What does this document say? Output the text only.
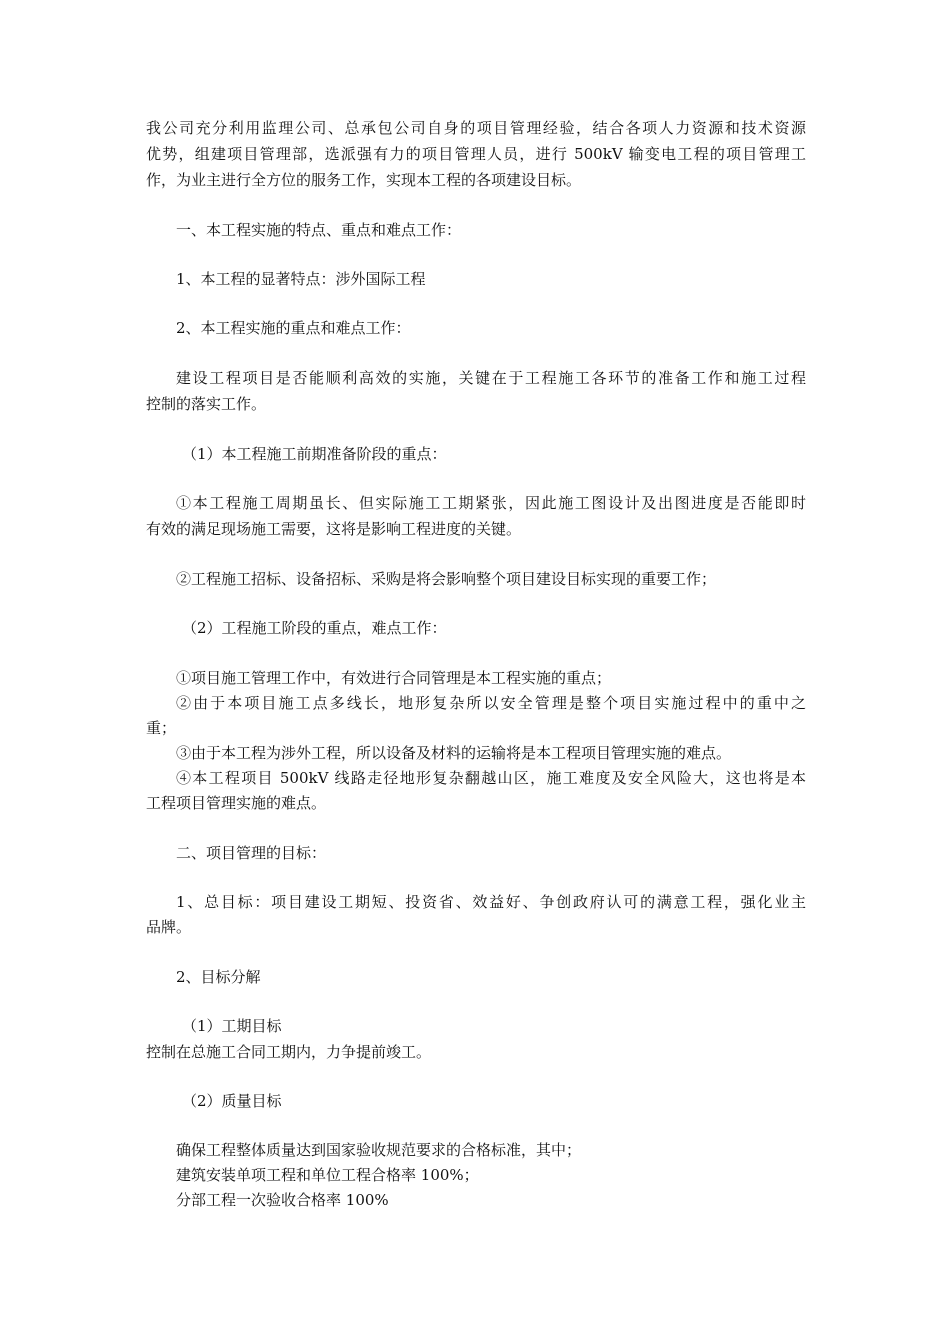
我公司充分利用监理公司、总承包公司自身的项目管理经验，结合各项人力资源和技术资源
优势，组建项目管理部，选派强有力的项目管理人员，进行 500kV 输变电工程的项目管理工
作，为业主进行全方位的服务工作，实现本工程的各项建设目标。
一、本工程实施的特点、重点和难点工作：
1、本工程的显著特点：涉外国际工程
2、本工程实施的重点和难点工作：
建设工程项目是否能顺利高效的实施，关键在于工程施工各环节的准备工作和施工过程
控制的落实工作。
（1）本工程施工前期准备阶段的重点：
①本工程施工周期虽长、但实际施工工期紧张，因此施工图设计及出图进度是否能即时
有效的满足现场施工需要，这将是影响工程进度的关键。
②工程施工招标、设备招标、采购是将会影响整个项目建设目标实现的重要工作；
（2）工程施工阶段的重点，难点工作：
①项目施工管理工作中，有效进行合同管理是本工程实施的重点；
②由于本项目施工点多线长，地形复杂所以安全管理是整个项目实施过程中的重中之
重；
③由于本工程为涉外工程，所以设备及材料的运输将是本工程项目管理实施的难点。
④本工程项目 500kV 线路走径地形复杂翻越山区，施工难度及安全风险大，这也将是本
工程项目管理实施的难点。
二、项目管理的目标：
1、总目标：项目建设工期短、投资省、效益好、争创政府认可的满意工程，强化业主
品牌。
2、目标分解
（1）工期目标
控制在总施工合同工期内，力争提前竣工。
（2）质量目标
确保工程整体质量达到国家验收规范要求的合格标准，其中；
建筑安装单项工程和单位工程合格率 100%；
分部工程一次验收合格率 100%
